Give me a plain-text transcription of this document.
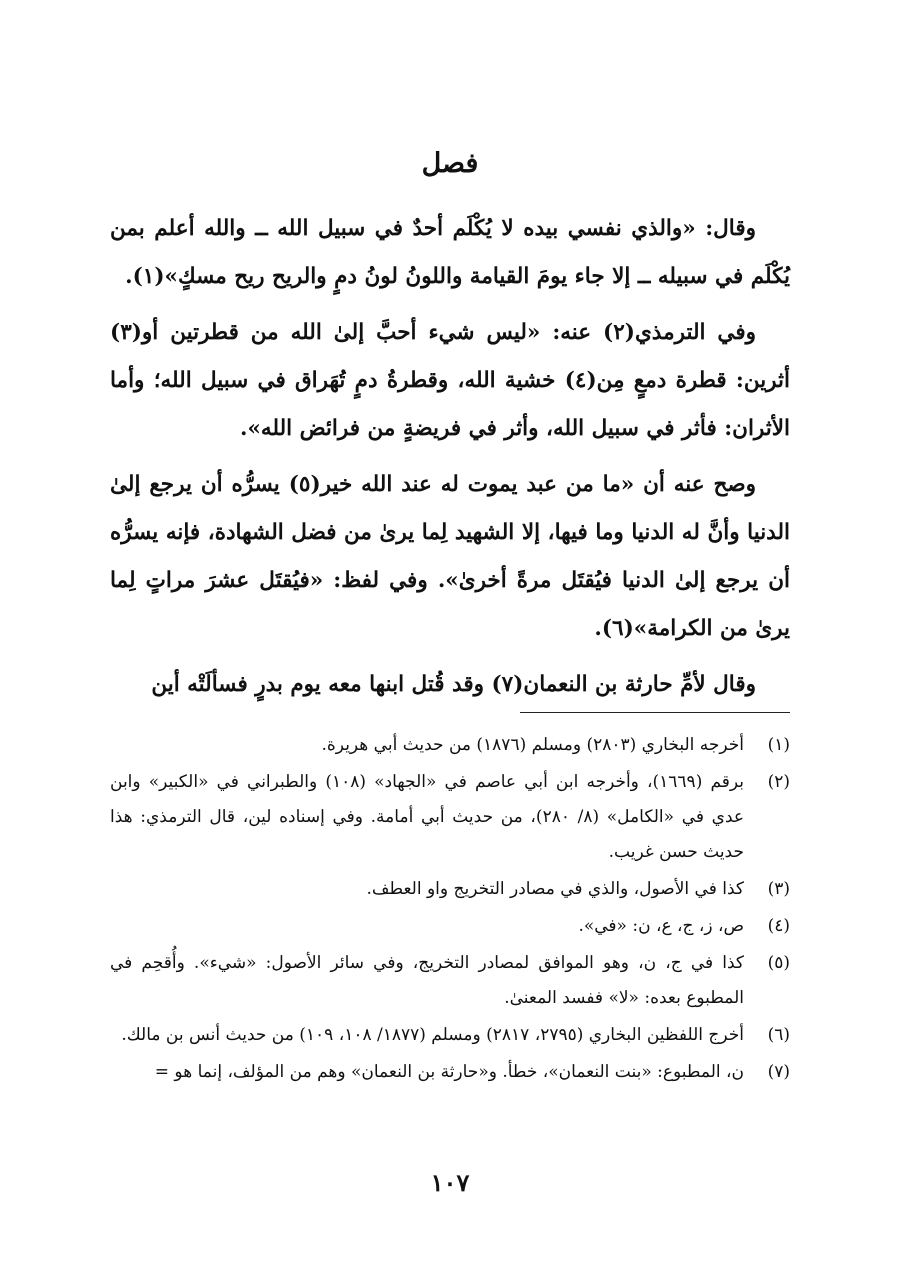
فصل

وقال: «والذي نفسي بيده لا يُكْلَم أحدٌ في سبيل الله ــ والله أعلم بمن يُكْلَم في سبيله ــ إلا جاء يومَ القيامة واللونُ لونُ دمٍ والريح ريح مسكٍ»(١).

وفي الترمذي(٢) عنه: «ليس شيء أحبَّ إلىٰ الله من قطرتين أو(٣) أثرين: قطرة دمعٍ مِن(٤) خشية الله، وقطرةُ دمٍ تُهَراق في سبيل الله؛ وأما الأثران: فأثر في سبيل الله، وأثر في فريضةٍ من فرائض الله».

وصح عنه أن «ما من عبد يموت له عند الله خير(٥) يسرُّه أن يرجع إلىٰ الدنيا وأنَّ له الدنيا وما فيها، إلا الشهيد لِما يرىٰ من فضل الشهادة، فإنه يسرُّه أن يرجع إلىٰ الدنيا فيُقتَل مرةً أخرىٰ». وفي لفظ: «فيُقتَل عشرَ مراتٍ لِما يرىٰ من الكرامة»(٦).

وقال لأمِّ حارثة بن النعمان(٧) وقد قُتل ابنها معه يوم بدرٍ فسألَتْه أين

(١)
أخرجه البخاري (٢٨٠٣) ومسلم (١٨٧٦) من حديث أبي هريرة.
(٢)
برقم (١٦٦٩)، وأخرجه ابن أبي عاصم في «الجهاد» (١٠٨) والطبراني في «الكبير» وابن عدي في «الكامل» (٨/ ٢٨٠)، من حديث أبي أمامة. وفي إسناده لين، قال الترمذي: هذا حديث حسن غريب.
(٣)
كذا في الأصول، والذي في مصادر التخريج واو العطف.
(٤)
ص، ز، ج، ع، ن: «في».
(٥)
كذا في ج، ن، وهو الموافق لمصادر التخريج، وفي سائر الأصول: «شيء». وأُقحِم في المطبوع بعده: «لا» ففسد المعنىٰ.
(٦)
أخرج اللفظين البخاري (٢٧٩٥، ٢٨١٧) ومسلم (١٨٧٧/ ١٠٨، ١٠٩) من حديث أنس بن مالك.
(٧)
ن، المطبوع: «بنت النعمان»، خطأ. و«حارثة بن النعمان» وهم من المؤلف، إنما هو =
١٠٧
